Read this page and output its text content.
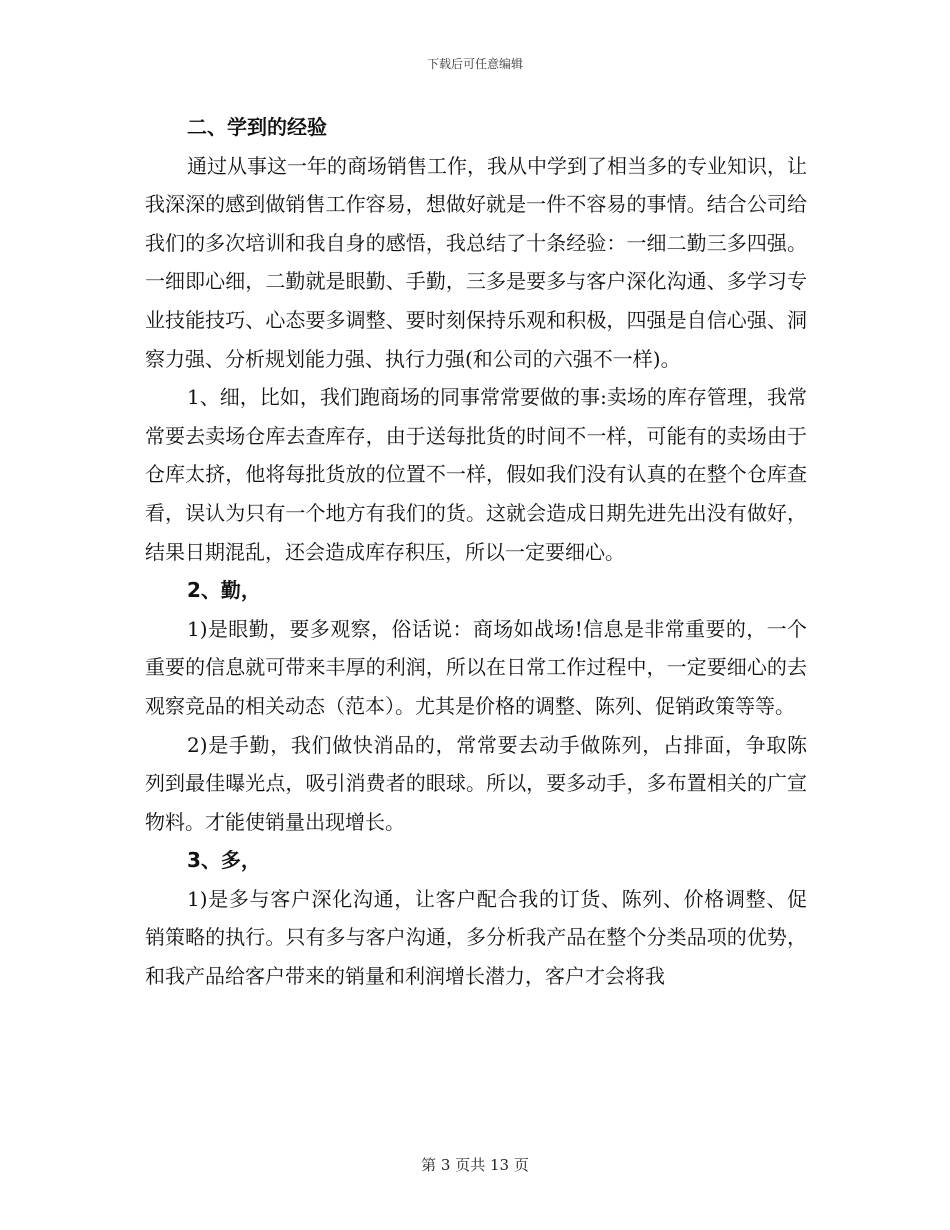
下载后可任意编辑

二、学到的经验

通过从事这一年的商场销售工作，我从中学到了相当多的专业知识，让我深深的感到做销售工作容易，想做好就是一件不容易的事情。结合公司给我们的多次培训和我自身的感悟，我总结了十条经验：一细二勤三多四强。一细即心细，二勤就是眼勤、手勤，三多是要多与客户深化沟通、多学习专业技能技巧、心态要多调整、要时刻保持乐观和积极，四强是自信心强、洞察力强、分析规划能力强、执行力强(和公司的六强不一样)。

1、细，比如，我们跑商场的同事常常要做的事:卖场的库存管理，我常常要去卖场仓库去查库存，由于送每批货的时间不一样，可能有的卖场由于仓库太挤，他将每批货放的位置不一样，假如我们没有认真的在整个仓库查看，误认为只有一个地方有我们的货。这就会造成日期先进先出没有做好，结果日期混乱，还会造成库存积压，所以一定要细心。

2、勤，

1)是眼勤，要多观察，俗话说：商场如战场!信息是非常重要的，一个重要的信息就可带来丰厚的利润，所以在日常工作过程中，一定要细心的去观察竞品的相关动态（范本）。尤其是价格的调整、陈列、促销政策等等。

2)是手勤，我们做快消品的，常常要去动手做陈列，占排面，争取陈列到最佳曝光点，吸引消费者的眼球。所以，要多动手，多布置相关的广宣物料。才能使销量出现增长。

3、多，

1)是多与客户深化沟通，让客户配合我的订货、陈列、价格调整、促销策略的执行。只有多与客户沟通，多分析我产品在整个分类品项的优势，和我产品给客户带来的销量和利润增长潜力，客户才会将我

第 3 页共 13 页
